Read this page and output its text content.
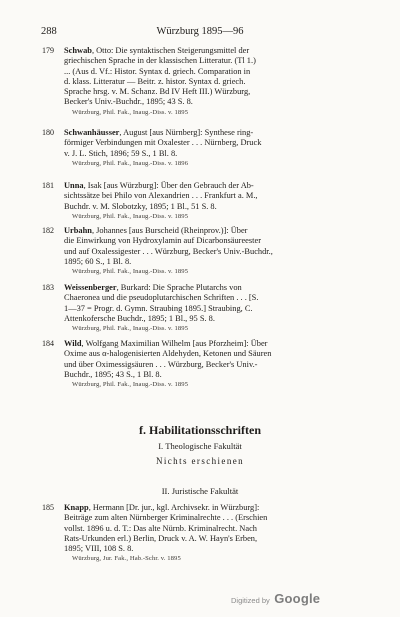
288	Würzburg 1895—96
179	Schwab, Otto: Die syntaktischen Steigerungsmittel der
griechischen Sprache in der klassischen Litteratur. (Tl 1.)
... (Aus d. Vf.: Histor. Syntax d. griech. Comparation in
d. klass. Litteratur — Beitr. z. histor. Syntax d. griech.
Sprache hrsg. v. M. Schanz. Bd IV Heft III.) Würzburg,
Becker's Univ.-Buchdr., 1895; 43 S. 8.
Würzburg, Phil. Fak., Inaug.-Diss. v. 1895
180	Schwanhäusser, August [aus Nürnberg]: Synthese ring-
förmiger Verbindungen mit Oxalester . . . Nürnberg, Druck
v. J. L. Stich, 1896; 59 S., 1 Bl. 8.
Würzburg, Phil. Fak., Inaug.-Diss. v. 1896
181	Unna, Isak [aus Würzburg]: Über den Gebrauch der Ab-
sichtssätze bei Philo von Alexandrien . . . Frankfurt a. M.,
Buchdr. v. M. Slobotzky, 1895; 1 Bl., 51 S. 8.
Würzburg, Phil. Fak., Inaug.-Diss. v. 1895
182	Urbahn, Johannes [aus Burscheid (Rheinprov.)]: Über
die Einwirkung von Hydroxylamin auf Dicarbonsäureester
und auf Oxalessigester . . . Würzburg, Becker's Univ.-Buchdr.,
1895; 60 S., 1 Bl. 8.
Würzburg, Phil. Fak., Inaug.-Diss. v. 1895
183	Weissenberger, Burkard: Die Sprache Plutarchs von
Chaeronea und die pseudoplutarchischen Schriften . . . [S.
1—37 = Progr. d. Gymn. Straubing 1895.] Straubing, C.
Attenkofersche Buchdr., 1895; 1 Bl., 95 S. 8.
Würzburg, Phil. Fak., Inaug.-Diss. v. 1895
184	Wild, Wolfgang Maximilian Wilhelm [aus Pforzheim]: Über
Oxime aus α-halogenisierten Aldehyden, Ketonen und Säuren
und über Oximessigsäuren . . . Würzburg, Becker's Univ.-
Buchdr., 1895; 43 S., 1 Bl. 8.
Würzburg, Phil. Fak., Inaug.-Diss. v. 1895
f. Habilitationsschriften
I. Theologische Fakultät
Nichts erschienen
II. Juristische Fakultät
185	Knapp, Hermann [Dr. jur., kgl. Archivsekr. in Würzburg]:
Beiträge zum alten Nürnberger Kriminalrechte . . . (Erschien
vollst. 1896 u. d. T.: Das alte Nürnb. Kriminalrecht. Nach
Rats-Urkunden erl.) Berlin, Druck v. A. W. Hayn's Erben,
1895; VIII, 108 S. 8.
Würzburg, Jur. Fak., Hab.-Schr. v. 1895
Digitized by Google
